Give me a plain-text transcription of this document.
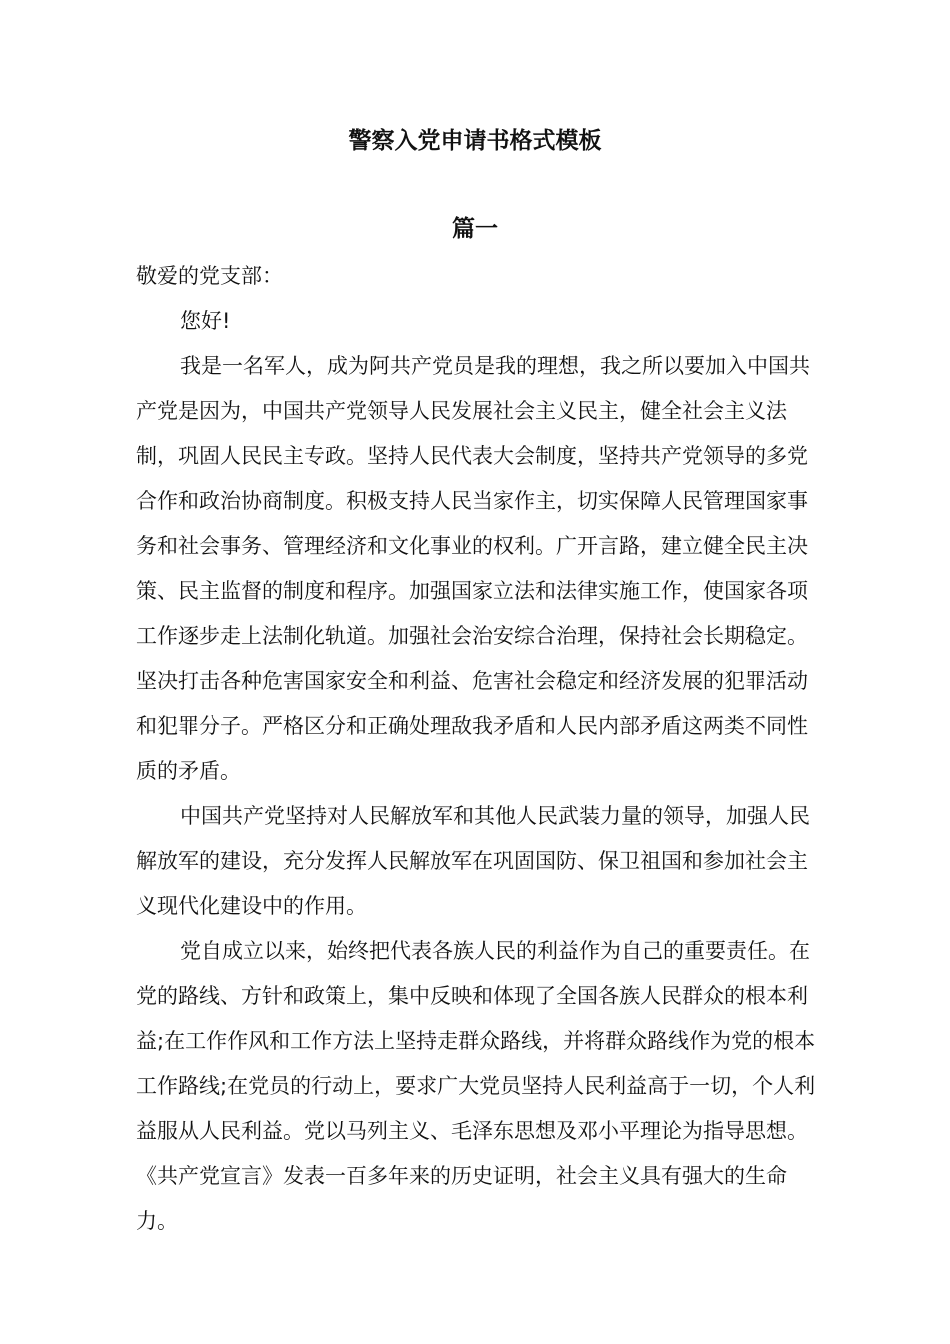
警察入党申请书格式模板
篇一

敬爱的党支部：

您好!

我是一名军人，成为阿共产党员是我的理想，我之所以要加入中国共产党是因为，中国共产党领导人民发展社会主义民主，健全社会主义法制，巩固人民民主专政。坚持人民代表大会制度，坚持共产党领导的多党合作和政治协商制度。积极支持人民当家作主，切实保障人民管理国家事务和社会事务、管理经济和文化事业的权利。广开言路，建立健全民主决策、民主监督的制度和程序。加强国家立法和法律实施工作，使国家各项工作逐步走上法制化轨道。加强社会治安综合治理，保持社会长期稳定。坚决打击各种危害国家安全和利益、危害社会稳定和经济发展的犯罪活动和犯罪分子。严格区分和正确处理敌我矛盾和人民内部矛盾这两类不同性质的矛盾。

中国共产党坚持对人民解放军和其他人民武装力量的领导，加强人民解放军的建设，充分发挥人民解放军在巩固国防、保卫祖国和参加社会主义现代化建设中的作用。

党自成立以来，始终把代表各族人民的利益作为自己的重要责任。在党的路线、方针和政策上，集中反映和体现了全国各族人民群众的根本利益;在工作作风和工作方法上坚持走群众路线，并将群众路线作为党的根本工作路线;在党员的行动上，要求广大党员坚持人民利益高于一切，个人利益服从人民利益。党以马列主义、毛泽东思想及邓小平理论为指导思想。《共产党宣言》发表一百多年来的历史证明，社会主义具有强大的生命力。
